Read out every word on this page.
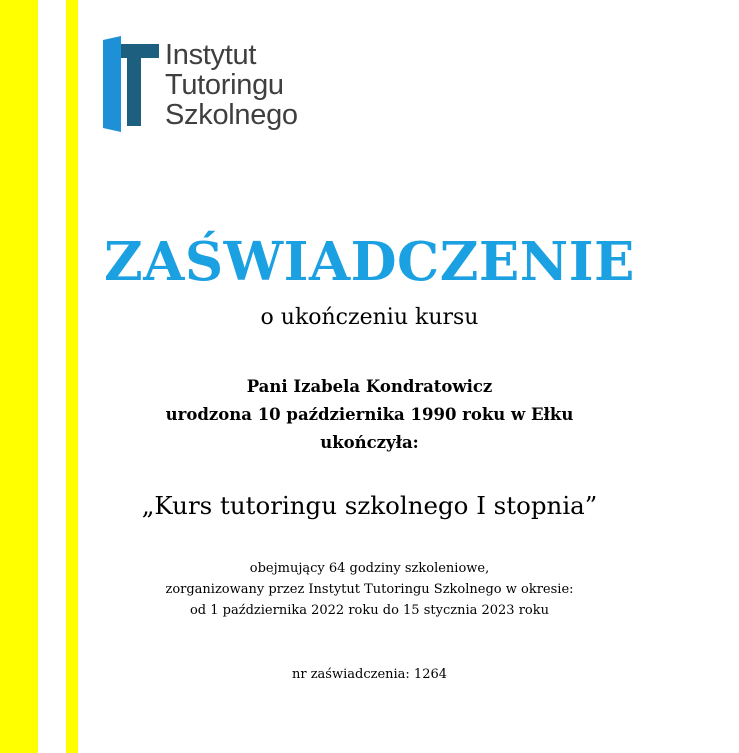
Instytut
Tutoringu
Szkolnego
ZAŚWIADCZENIE
o ukończeniu kursu
Pani Izabela Kondratowicz
urodzona 10 października 1990 roku w Ełku
ukończyła:
„Kurs tutoringu szkolnego I stopnia”
obejmujący 64 godziny szkoleniowe,
zorganizowany przez Instytut Tutoringu Szkolnego w okresie:
od 1 października 2022 roku do 15 stycznia 2023 roku
nr zaświadczenia: 1264
